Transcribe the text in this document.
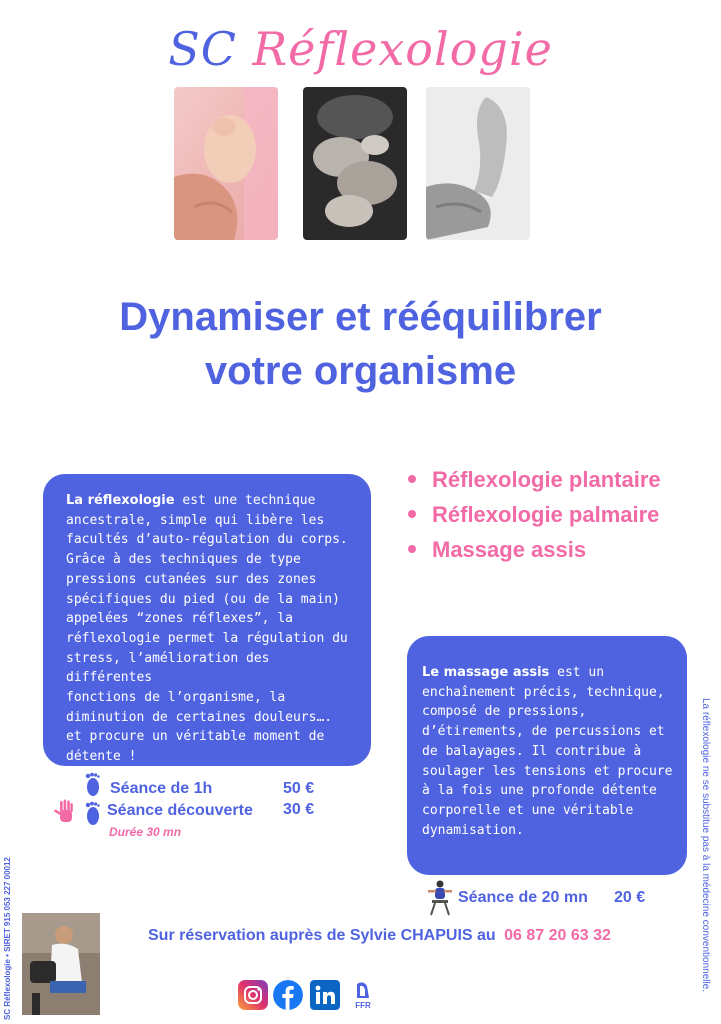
SC Réflexologie
Dynamiser et rééquilibrer
votre organisme
La réflexologie est une technique
ancestrale, simple qui libère les
facultés d’auto-régulation du corps.
Grâce à des techniques de type
pressions cutanées sur des zones
spécifiques du pied (ou de la main)
appelées “zones réflexes”, la
réflexologie permet la régulation du
stress, l’amélioration des différentes
fonctions de l’organisme, la
diminution de certaines douleurs….
et procure un véritable moment de
détente !
Réflexologie plantaire
Réflexologie palmaire
Massage assis
Le massage assis est un
enchaînement précis, technique,
composé de pressions,
d’étirements, de percussions et
de balayages. Il contribue à
soulager les tensions et procure
à la fois une profonde détente
corporelle et une véritable
dynamisation.
Séance de 1h	50 €
Séance découverte 30 €
Durée 30 mn
Séance de 20 mn 20 €
Sur réservation auprès de Sylvie CHAPUIS au 06 87 20 63 32	La réflexologie ne se substitue pas à la médecine conventionnelle.
SC Réflexologie • SIRET 915 053 227 00012	FFR
